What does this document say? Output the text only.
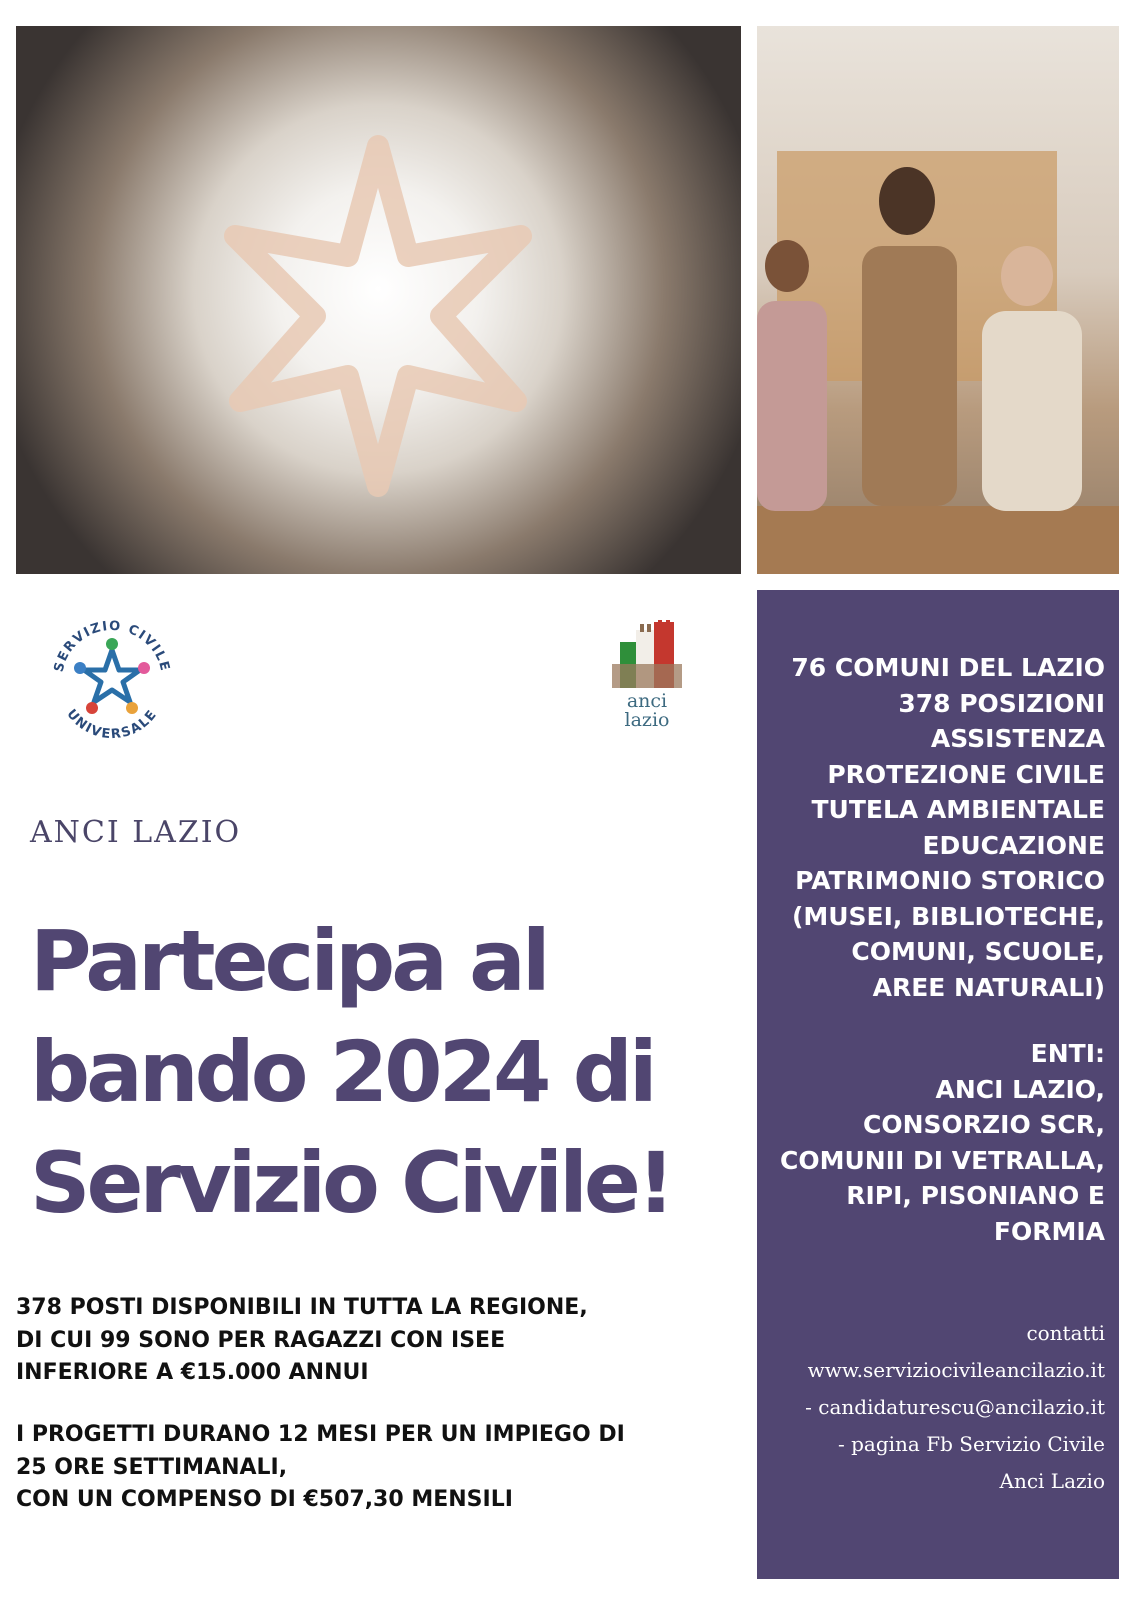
SERVIZIO CIVILE
UNIVERSALE
anci
lazio
ANCI LAZIO
Partecipa al
bando 2024 di
Servizio Civile!
378 POSTI DISPONIBILI IN TUTTA LA REGIONE,
DI CUI 99 SONO PER RAGAZZI CON ISEE
INFERIORE A €15.000 ANNUI
I PROGETTI DURANO 12 MESI PER UN IMPIEGO DI
25 ORE SETTIMANALI,
CON UN COMPENSO DI €507,30 MENSILI
76 COMUNI DEL LAZIO
378 POSIZIONI
ASSISTENZA
PROTEZIONE CIVILE
TUTELA AMBIENTALE
EDUCAZIONE
PATRIMONIO STORICO
(MUSEI, BIBLIOTECHE,
COMUNI, SCUOLE,
AREE NATURALI)
ENTI:
ANCI LAZIO,
CONSORZIO SCR,
COMUNII DI VETRALLA,
RIPI, PISONIANO E
FORMIA
contatti
www.serviziocivileancilazio.it
- candidaturescu@ancilazio.it
- pagina Fb Servizio Civile
Anci Lazio
